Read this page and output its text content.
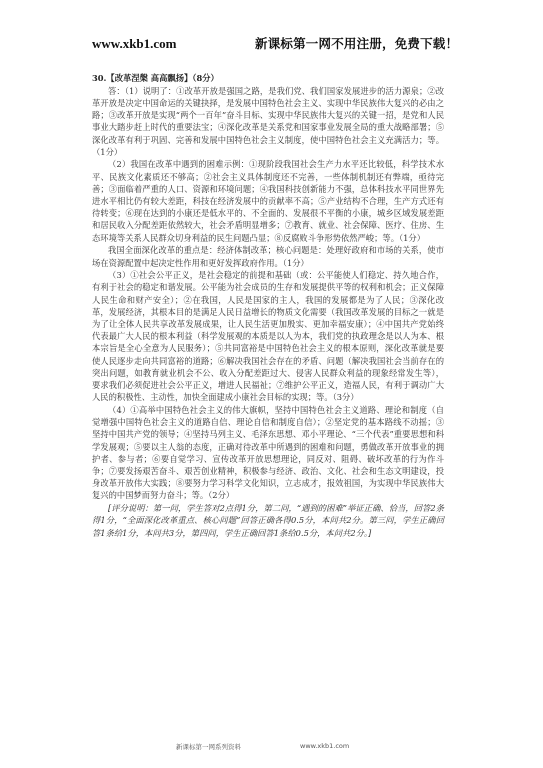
www.xkb1.com	新课标第一网不用注册，免费下载！

30.【改革涅槃 高高飘扬】（8分）

答：（1）说明了：①改革开放是强国之路，是我们党、我们国家发展进步的活力源泉；②改革开放是决定中国命运的关键抉择，是发展中国特色社会主义、实现中华民族伟大复兴的必由之路；③改革开放是实现“两个一百年”奋斗目标、实现中华民族伟大复兴的关键一招，是党和人民事业大踏步赶上时代的重要法宝；④深化改革是关系党和国家事业发展全局的重大战略部署；⑤深化改革有利于巩固、完善和发展中国特色社会主义制度，使中国特色社会主义充满活力；等。（1分）

（2）我国在改革中遇到的困难示例：①现阶段我国社会生产力水平还比较低，科学技术水平、民族文化素质还不够高；②社会主义具体制度还不完善，一些体制机制还有弊端，亟待完善；③面临着严重的人口、资源和环境问题；④我国科技创新能力不强，总体科技水平同世界先进水平相比仍有较大差距，科技在经济发展中的贡献率不高；⑤产业结构不合理，生产方式还有待转变；⑥现在达到的小康还是低水平的、不全面的、发展很不平衡的小康，城乡区域发展差距和居民收入分配差距依然较大，社会矛盾明显增多；⑦教育、就业、社会保障、医疗、住房、生态环境等关系人民群众切身利益的民生问题凸显；⑧反腐败斗争形势依然严峻；等。（1分）

我国全面深化改革的重点是：经济体制改革；核心问题是：处理好政府和市场的关系，使市场在资源配置中起决定性作用和更好发挥政府作用。（1分）

（3）①社会公平正义，是社会稳定的前提和基础（或：公平能使人们稳定、持久地合作，有利于社会的稳定和谐发展。公平能为社会成员的生存和发展提供平等的权利和机会；正义保障人民生命和财产安全）；②在我国，人民是国家的主人，我国的发展都是为了人民；③深化改革，发展经济，其根本目的是满足人民日益增长的物质文化需要（我国改革发展的目标之一就是为了让全体人民共享改革发展成果，让人民生活更加殷实、更加幸福安康）；④中国共产党始终代表最广大人民的根本利益（科学发展观的本质是以人为本，我们党的执政理念是以人为本、根本宗旨是全心全意为人民服务）；⑤共同富裕是中国特色社会主义的根本原则，深化改革就是要使人民逐步走向共同富裕的道路；⑥解决我国社会存在的矛盾、问题（解决我国社会当前存在的突出问题，如教育就业机会不公、收入分配差距过大、侵害人民群众利益的现象经常发生等），要求我们必须促进社会公平正义，增进人民福祉；⑦维护公平正义，造福人民，有利于调动广大人民的积极性、主动性，加快全面建成小康社会目标的实现；等。（3分）

（4）①高举中国特色社会主义的伟大旗帜，坚持中国特色社会主义道路、理论和制度（自觉增强中国特色社会主义的道路自信、理论自信和制度自信）；②坚定党的基本路线不动摇；③坚持中国共产党的领导；④坚持马列主义、毛泽东思想、邓小平理论、“三个代表”重要思想和科学发展观；⑤要以主人翁的态度，正确对待改革中所遇到的困难和问题，勇做改革开放事业的拥护者、参与者；⑥要自觉学习、宣传改革开放思想理论，同反对、阻碍、破坏改革的行为作斗争；⑦要发扬艰苦奋斗、艰苦创业精神，积极参与经济、政治、文化、社会和生态文明建设，投身改革开放伟大实践；⑧要努力学习科学文化知识，立志成才，报效祖国，为实现中华民族伟大复兴的中国梦而努力奋斗；等。（2分）

[评分说明：第一问，学生答对2点得1分，第二问，“遇到的困难”举证正确、恰当，回答2条得1分，“全面深化改革重点、核心问题”回答正确各得0.5分，本问共2分。第三问，学生正确回答1条给1分，本问共3分，第四问，学生正确回答1条给0.5分，本问共2分。]

新课标第一网系列资料	www.xkb1.com
